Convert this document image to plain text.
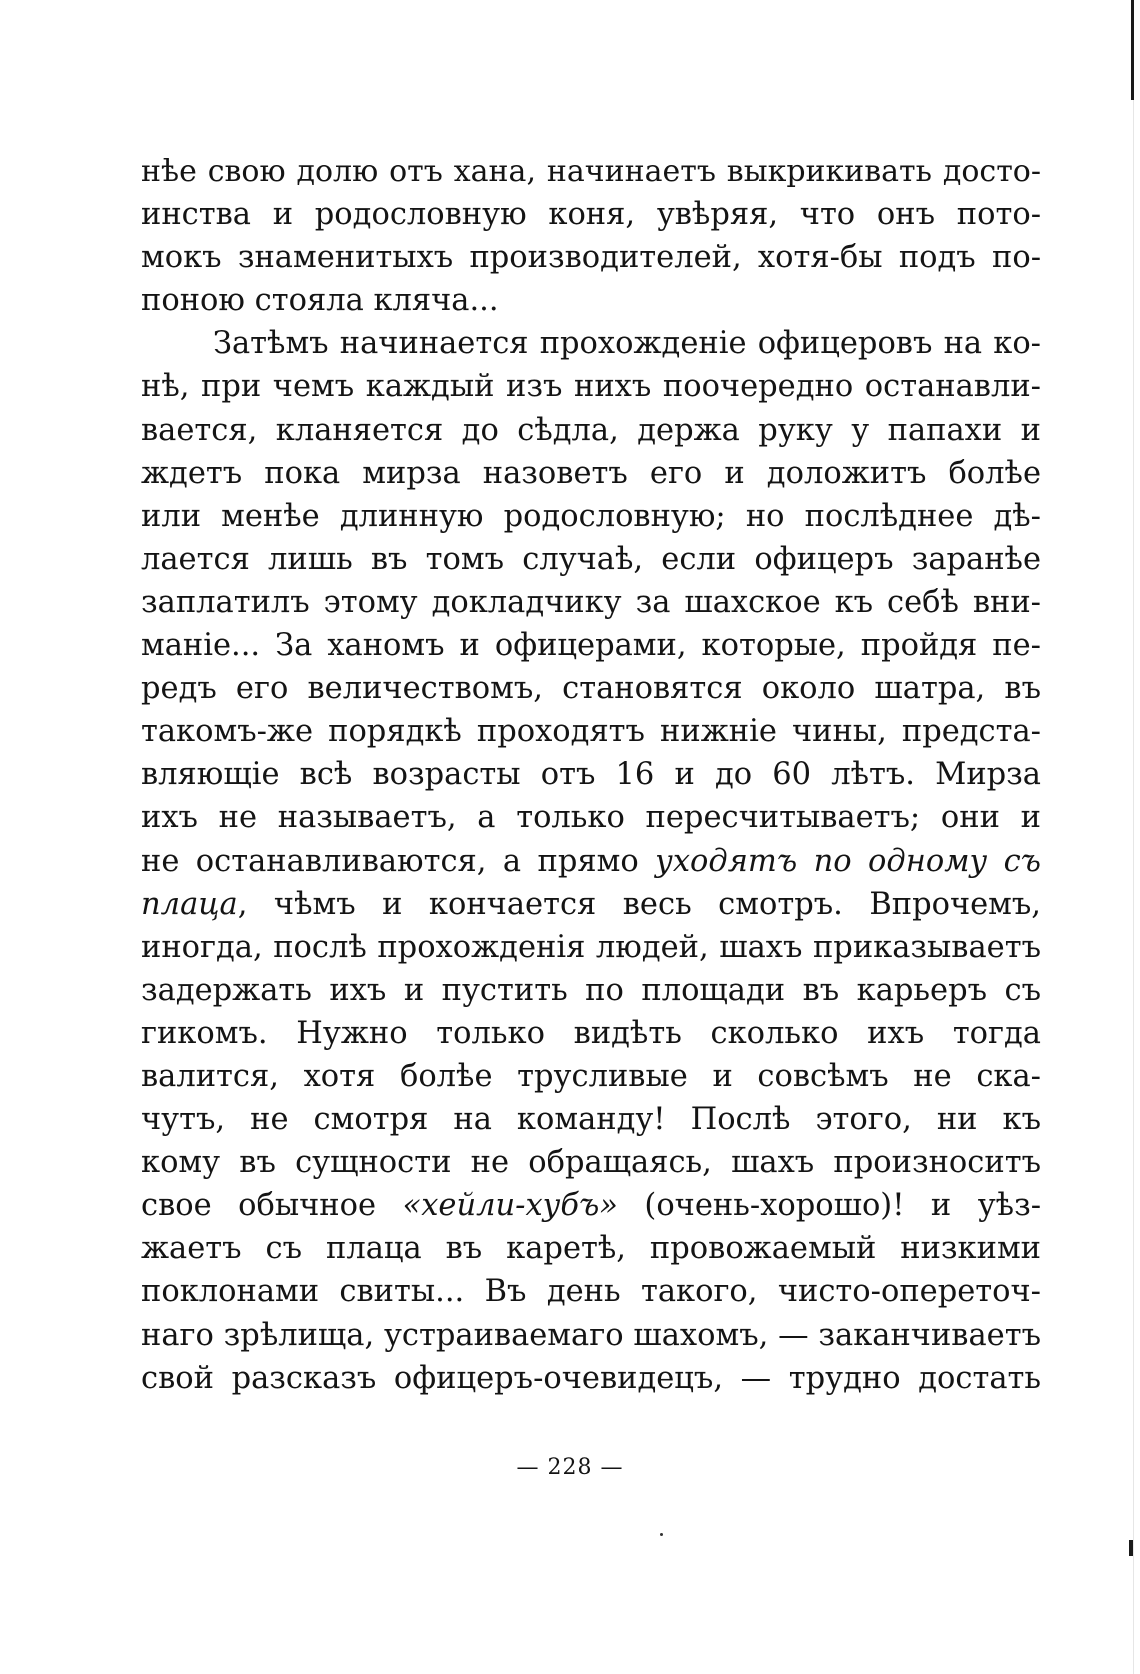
нѣе свою долю отъ хана, начинаетъ выкрикивать досто-
инства и родословную коня, увѣряя, что онъ пото-
мокъ знаменитыхъ производителей, хотя-бы подъ по-
поною стояла кляча...
Затѣмъ начинается прохожденіе офицеровъ на ко-
нѣ, при чемъ каждый изъ нихъ поочередно останавли-
вается, кланяется до сѣдла, держа руку у папахи и
ждетъ пока мирза назоветъ его и доложитъ болѣе
или менѣе длинную родословную; но послѣднее дѣ-
лается лишь въ томъ случаѣ, если офицеръ заранѣе
заплатилъ этому докладчику за шахское къ себѣ вни-
маніе... За ханомъ и офицерами, которые, пройдя пе-
редъ его величествомъ, становятся около шатра, въ
такомъ-же порядкѣ проходятъ нижніе чины, предста-
вляющіе всѣ возрасты отъ 16 и до 60 лѣтъ. Мирза
ихъ не называетъ, а только пересчитываетъ; они и
не останавливаются, а прямо уходятъ по одному съ
плаца, чѣмъ и кончается весь смотръ. Впрочемъ,
иногда, послѣ прохожденія людей, шахъ приказываетъ
задержать ихъ и пустить по площади въ карьеръ съ
гикомъ. Нужно только видѣть сколько ихъ тогда
валится, хотя болѣе трусливые и совсѣмъ не ска-
чутъ, не смотря на команду! Послѣ этого, ни къ
кому въ сущности не обращаясь, шахъ произноситъ
свое обычное «хейли-хубъ» (очень-хорошо)! и уѣз-
жаетъ съ плаца въ каретѣ, провожаемый низкими
поклонами свиты... Въ день такого, чисто-опереточ-
наго зрѣлища, устраиваемаго шахомъ, — заканчиваетъ
свой разсказъ офицеръ-очевидецъ, — трудно достать
— 228 —
